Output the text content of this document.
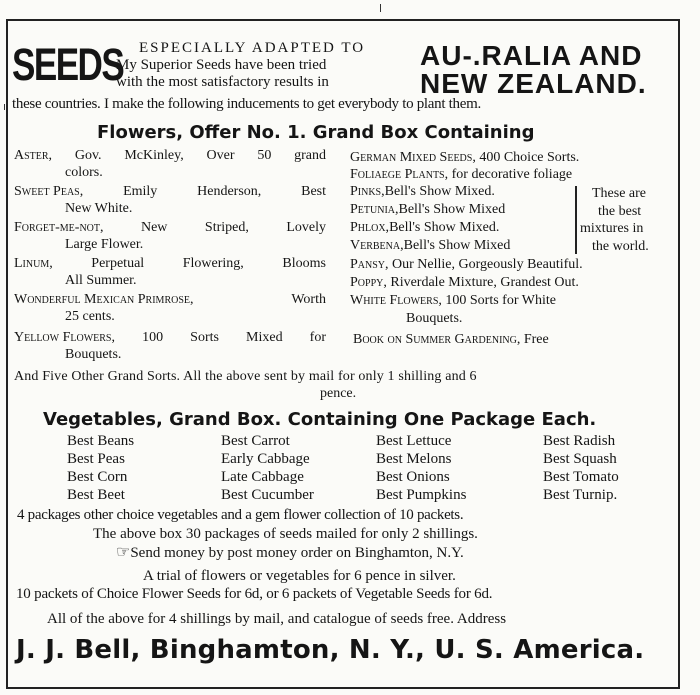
SEEDS ESPECIALLY ADAPTED TO
My Superior Seeds have been tried
with the most satisfactory results in
AU-.RALIA AND
NEW ZEALAND.
these countries. I make the following inducements to get everybody to plant them.
Flowers, Offer No. 1. Grand Box Containing
Aster, Gov. McKinley, Over 50 grand
colors.
Sweet Peas,	Emily	Henderson,	Best
New White.
Forget-me-not,	New	Striped,	Lovely
Large Flower.
Linum,	Perpetual	Flowering,	Blooms
All Summer.
Wonderful Mexican Primrose,	Worth
25 cents.
Yellow Flowers, 100 Sorts Mixed for
Bouquets.
German Mixed Seeds, 400 Choice Sorts.
Foliaege Plants, for decorative foliage
Pinks,Bell's Show Mixed.
Petunia,Bell's Show Mixed
Phlox,Bell's Show Mixed.
Verbena,Bell's Show Mixed
These are
the best
mixtures in
the world.
Pansy, Our Nellie, Gorgeously Beautiful.
Poppy, Riverdale Mixture, Grandest Out.
White Flowers, 100 Sorts for White
Bouquets.
Book on Summer Gardening, Free
And Five Other Grand Sorts. All the above sent by mail for only 1 shilling and 6
pence.
Vegetables, Grand Box. Containing One Package Each.
Best Beans	Best Carrot	Best Lettuce	Best Radish
Best Peas	Early Cabbage	Best Melons	Best Squash
Best Corn	Late Cabbage	Best Onions	Best Tomato
Best Beet	Best Cucumber	Best Pumpkins	Best Turnip.
4 packages other choice vegetables and a gem flower collection of 10 packets.
The above box 30 packages of seeds mailed for only 2 shillings.
☞Send money by post money order on Binghamton, N.Y.
A trial of flowers or vegetables for 6 pence in silver.
10 packets of Choice Flower Seeds for 6d, or 6 packets of Vegetable Seeds for 6d.
All of the above for 4 shillings by mail, and catalogue of seeds free. Address
J. J. Bell, Binghamton, N. Y., U. S. America.
